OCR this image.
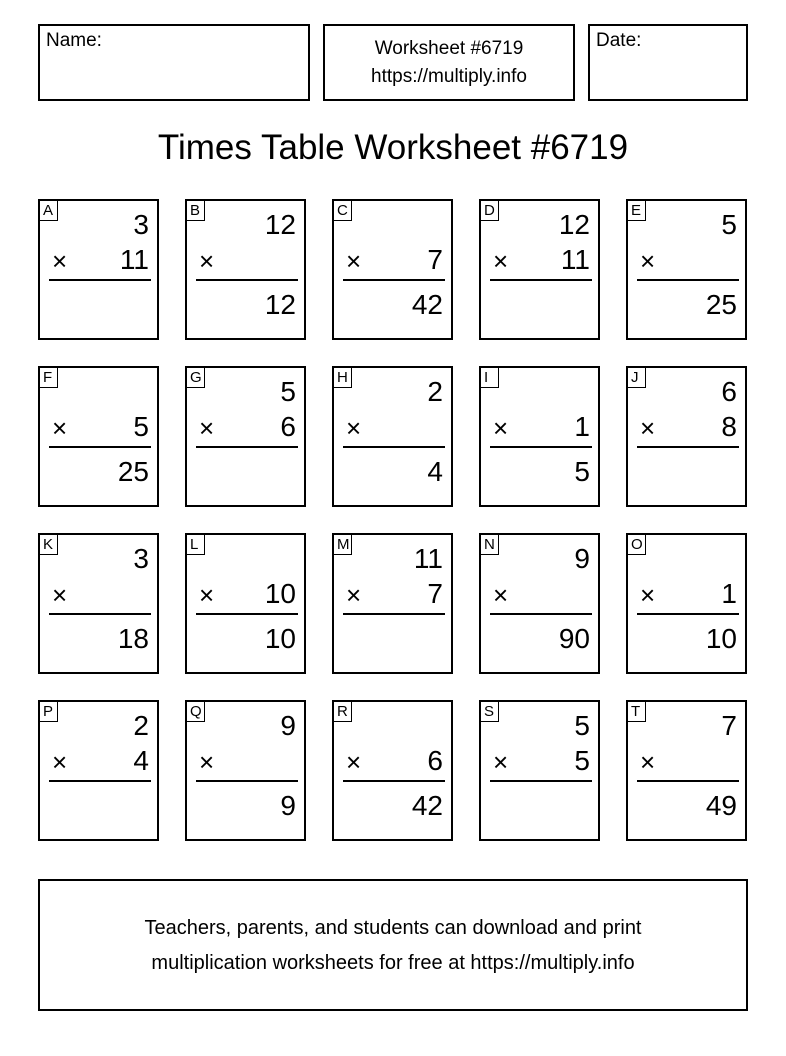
Name:	Worksheet #6719
https://multiply.info
Date:
Times Table Worksheet #6719
A	3
× 11
B 12
×
12
C
× 7
42
D 12
× 11
E	5
×
25
F
× 5
25
G	5
× 6
H	2
×
4
I
× 1
5
J	6
× 8
K	3
×
18
L
× 10
10
M 11
× 7
N	9
×
90
O
× 1
10
P	2
× 4
Q	9
×
9
R
× 6
42
S	5
× 5
T	7
×
49
Teachers, parents, and students can download and print
multiplication worksheets for free at https://multiply.info
